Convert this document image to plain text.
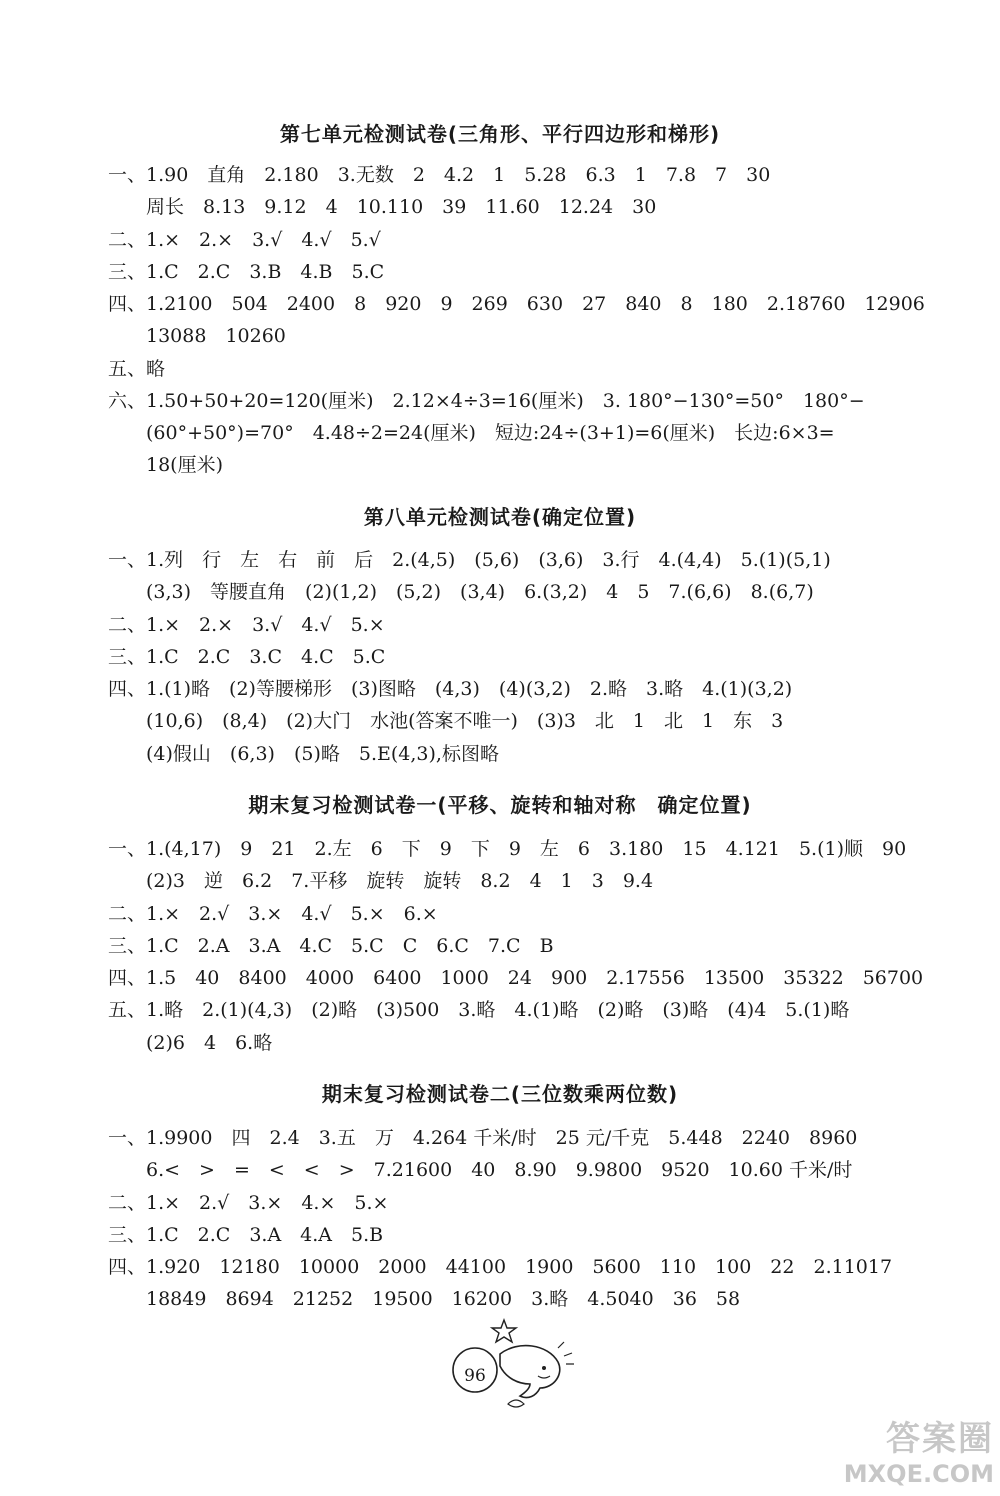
第七单元检测试卷(三角形、平行四边形和梯形)
一、1.90　直角　2.180　3.无数　2　4.2　1　5.28　6.3　1　7.8　7　30
　　周长　8.13　9.12　4　10.110　39　11.60　12.24　30
二、1.×　2.×　3.√　4.√　5.√
三、1.C　2.C　3.B　4.B　5.C
四、1.2100　504　2400　8　920　9　269　630　27　840　8　180　2.18760　12906
　　13088　10260
五、略
六、1.50+50+20=120(厘米)　2.12×4÷3=16(厘米)　3. 180°−130°=50°　180°−
　　(60°+50°)=70°　4.48÷2=24(厘米)　短边:24÷(3+1)=6(厘米)　长边:6×3=
　　18(厘米)
第八单元检测试卷(确定位置)
一、1.列　行　左　右　前　后　2.(4,5)　(5,6)　(3,6)　3.行　4.(4,4)　5.(1)(5,1)
　　(3,3)　等腰直角　(2)(1,2)　(5,2)　(3,4)　6.(3,2)　4　5　7.(6,6)　8.(6,7)
二、1.×　2.×　3.√　4.√　5.×
三、1.C　2.C　3.C　4.C　5.C
四、1.(1)略　(2)等腰梯形　(3)图略　(4,3)　(4)(3,2)　2.略　3.略　4.(1)(3,2)
　　(10,6)　(8,4)　(2)大门　水池(答案不唯一)　(3)3　北　1　北　1　东　3
　　(4)假山　(6,3)　(5)略　5.E(4,3),标图略
期末复习检测试卷一(平移、旋转和轴对称　确定位置)
一、1.(4,17)　9　21　2.左　6　下　9　下　9　左　6　3.180　15　4.121　5.(1)顺　90
　　(2)3　逆　6.2　7.平移　旋转　旋转　8.2　4　1　3　9.4
二、1.×　2.√　3.×　4.√　5.×　6.×
三、1.C　2.A　3.A　4.C　5.C　C　6.C　7.C　B
四、1.5　40　8400　4000　6400　1000　24　900　2.17556　13500　35322　56700
五、1.略　2.(1)(4,3)　(2)略　(3)500　3.略　4.(1)略　(2)略　(3)略　(4)4　5.(1)略
　　(2)6　4　6.略
期末复习检测试卷二(三位数乘两位数)
一、1.9900　四　2.4　3.五　万　4.264 千米/时　25 元/千克　5.448　2240　8960
　　6.<　>　=　<　<　>　7.21600　40　8.90　9.9800　9520　10.60 千米/时
二、1.×　2.√　3.×　4.×　5.×
三、1.C　2.C　3.A　4.A　5.B
四、1.920　12180　10000　2000　44100　1900　5600　110　100　22　2.11017
　　18849　8694　21252　19500　16200　3.略　4.5040　36　58
96
答案圈
MXQE.COM
